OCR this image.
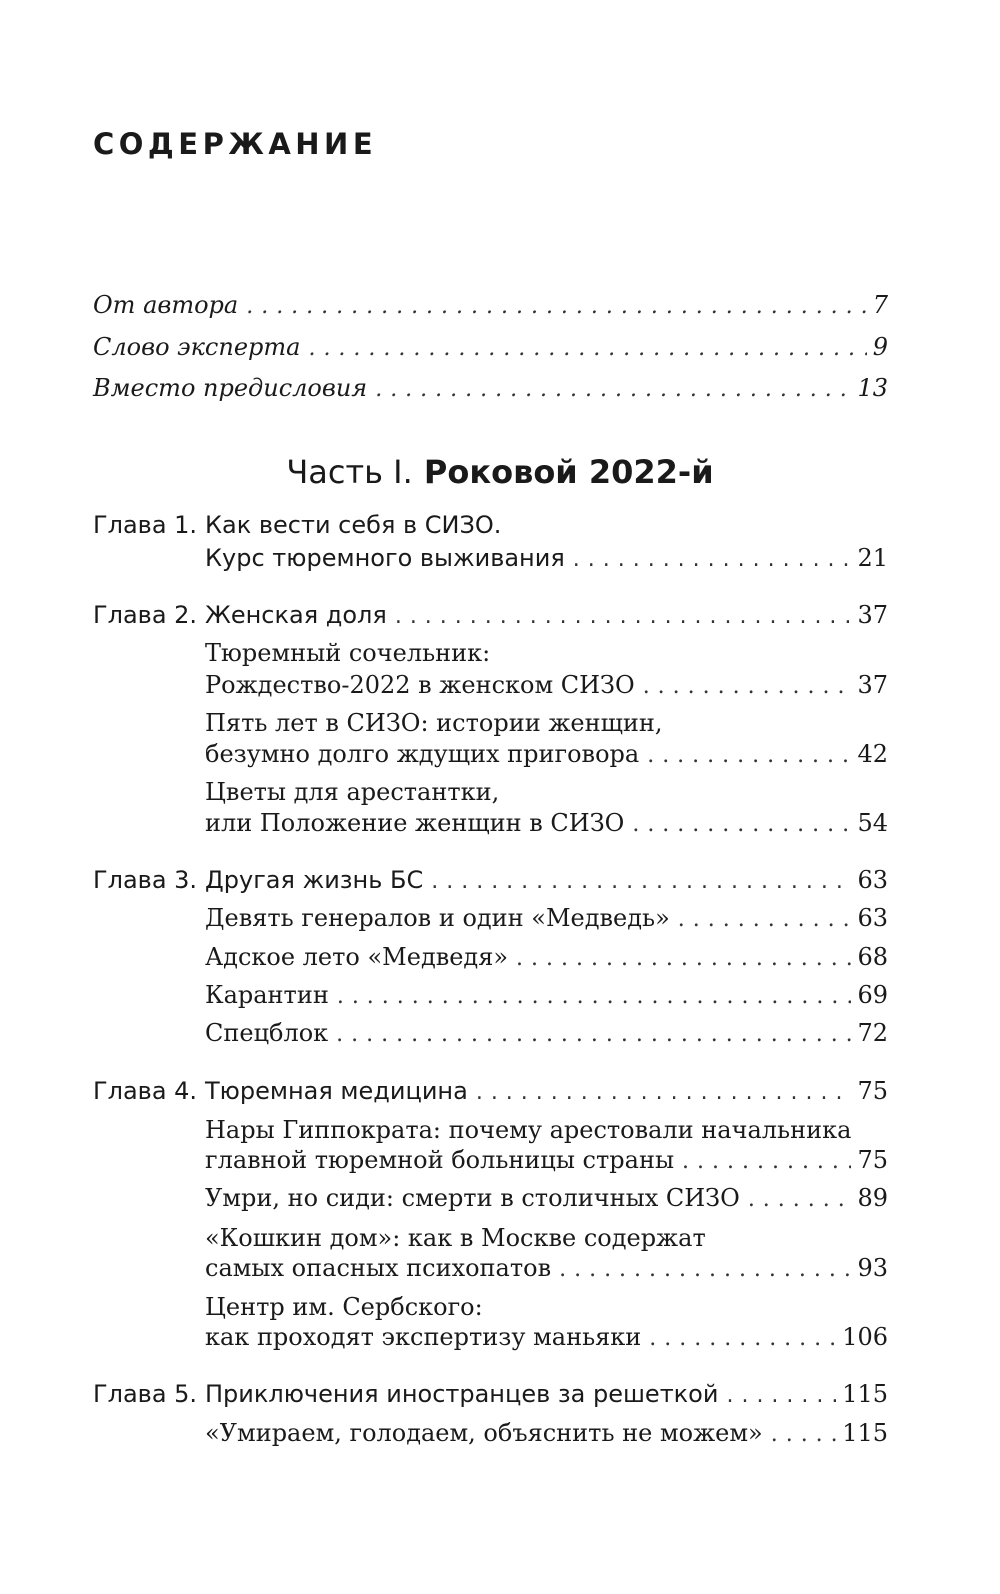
СОДЕРЖАНИЕ
От автора . . .	7
Слово эксперта . . .	9
Вместо предисловия . . .	13
Часть I. Роковой 2022-й
Глава 1. Как вести себя в СИЗО.
Курс тюремного выживания . . .	21
Глава 2. Женская доля . . .	37
Тюремный сочельник:
Рождество-2022 в женском СИЗО . . .	37
Пять лет в СИЗО: истории женщин,
безумно долго ждущих приговора . . .	42
Цветы для арестантки,
или Положение женщин в СИЗО . . .	54
Глава 3. Другая жизнь БС . . .	63
Девять генералов и один «Медведь» . . .	63
Адское лето «Медведя» . . .	68
Карантин . . .	69
Спецблок . . .	72
Глава 4. Тюремная медицина . . .	75
Нары Гиппократа: почему арестовали начальника
главной тюремной больницы страны . . .	75
Умри, но сиди: смерти в столичных СИЗО . . .	89
«Кошкин дом»: как в Москве содержат
самых опасных психопатов . . .	93
Центр им. Сербского:
как проходят экспертизу маньяки . . .	106
Глава 5. Приключения иностранцев за решеткой . . .	115
«Умираем, голодаем, объяснить не можем» . . .	115
